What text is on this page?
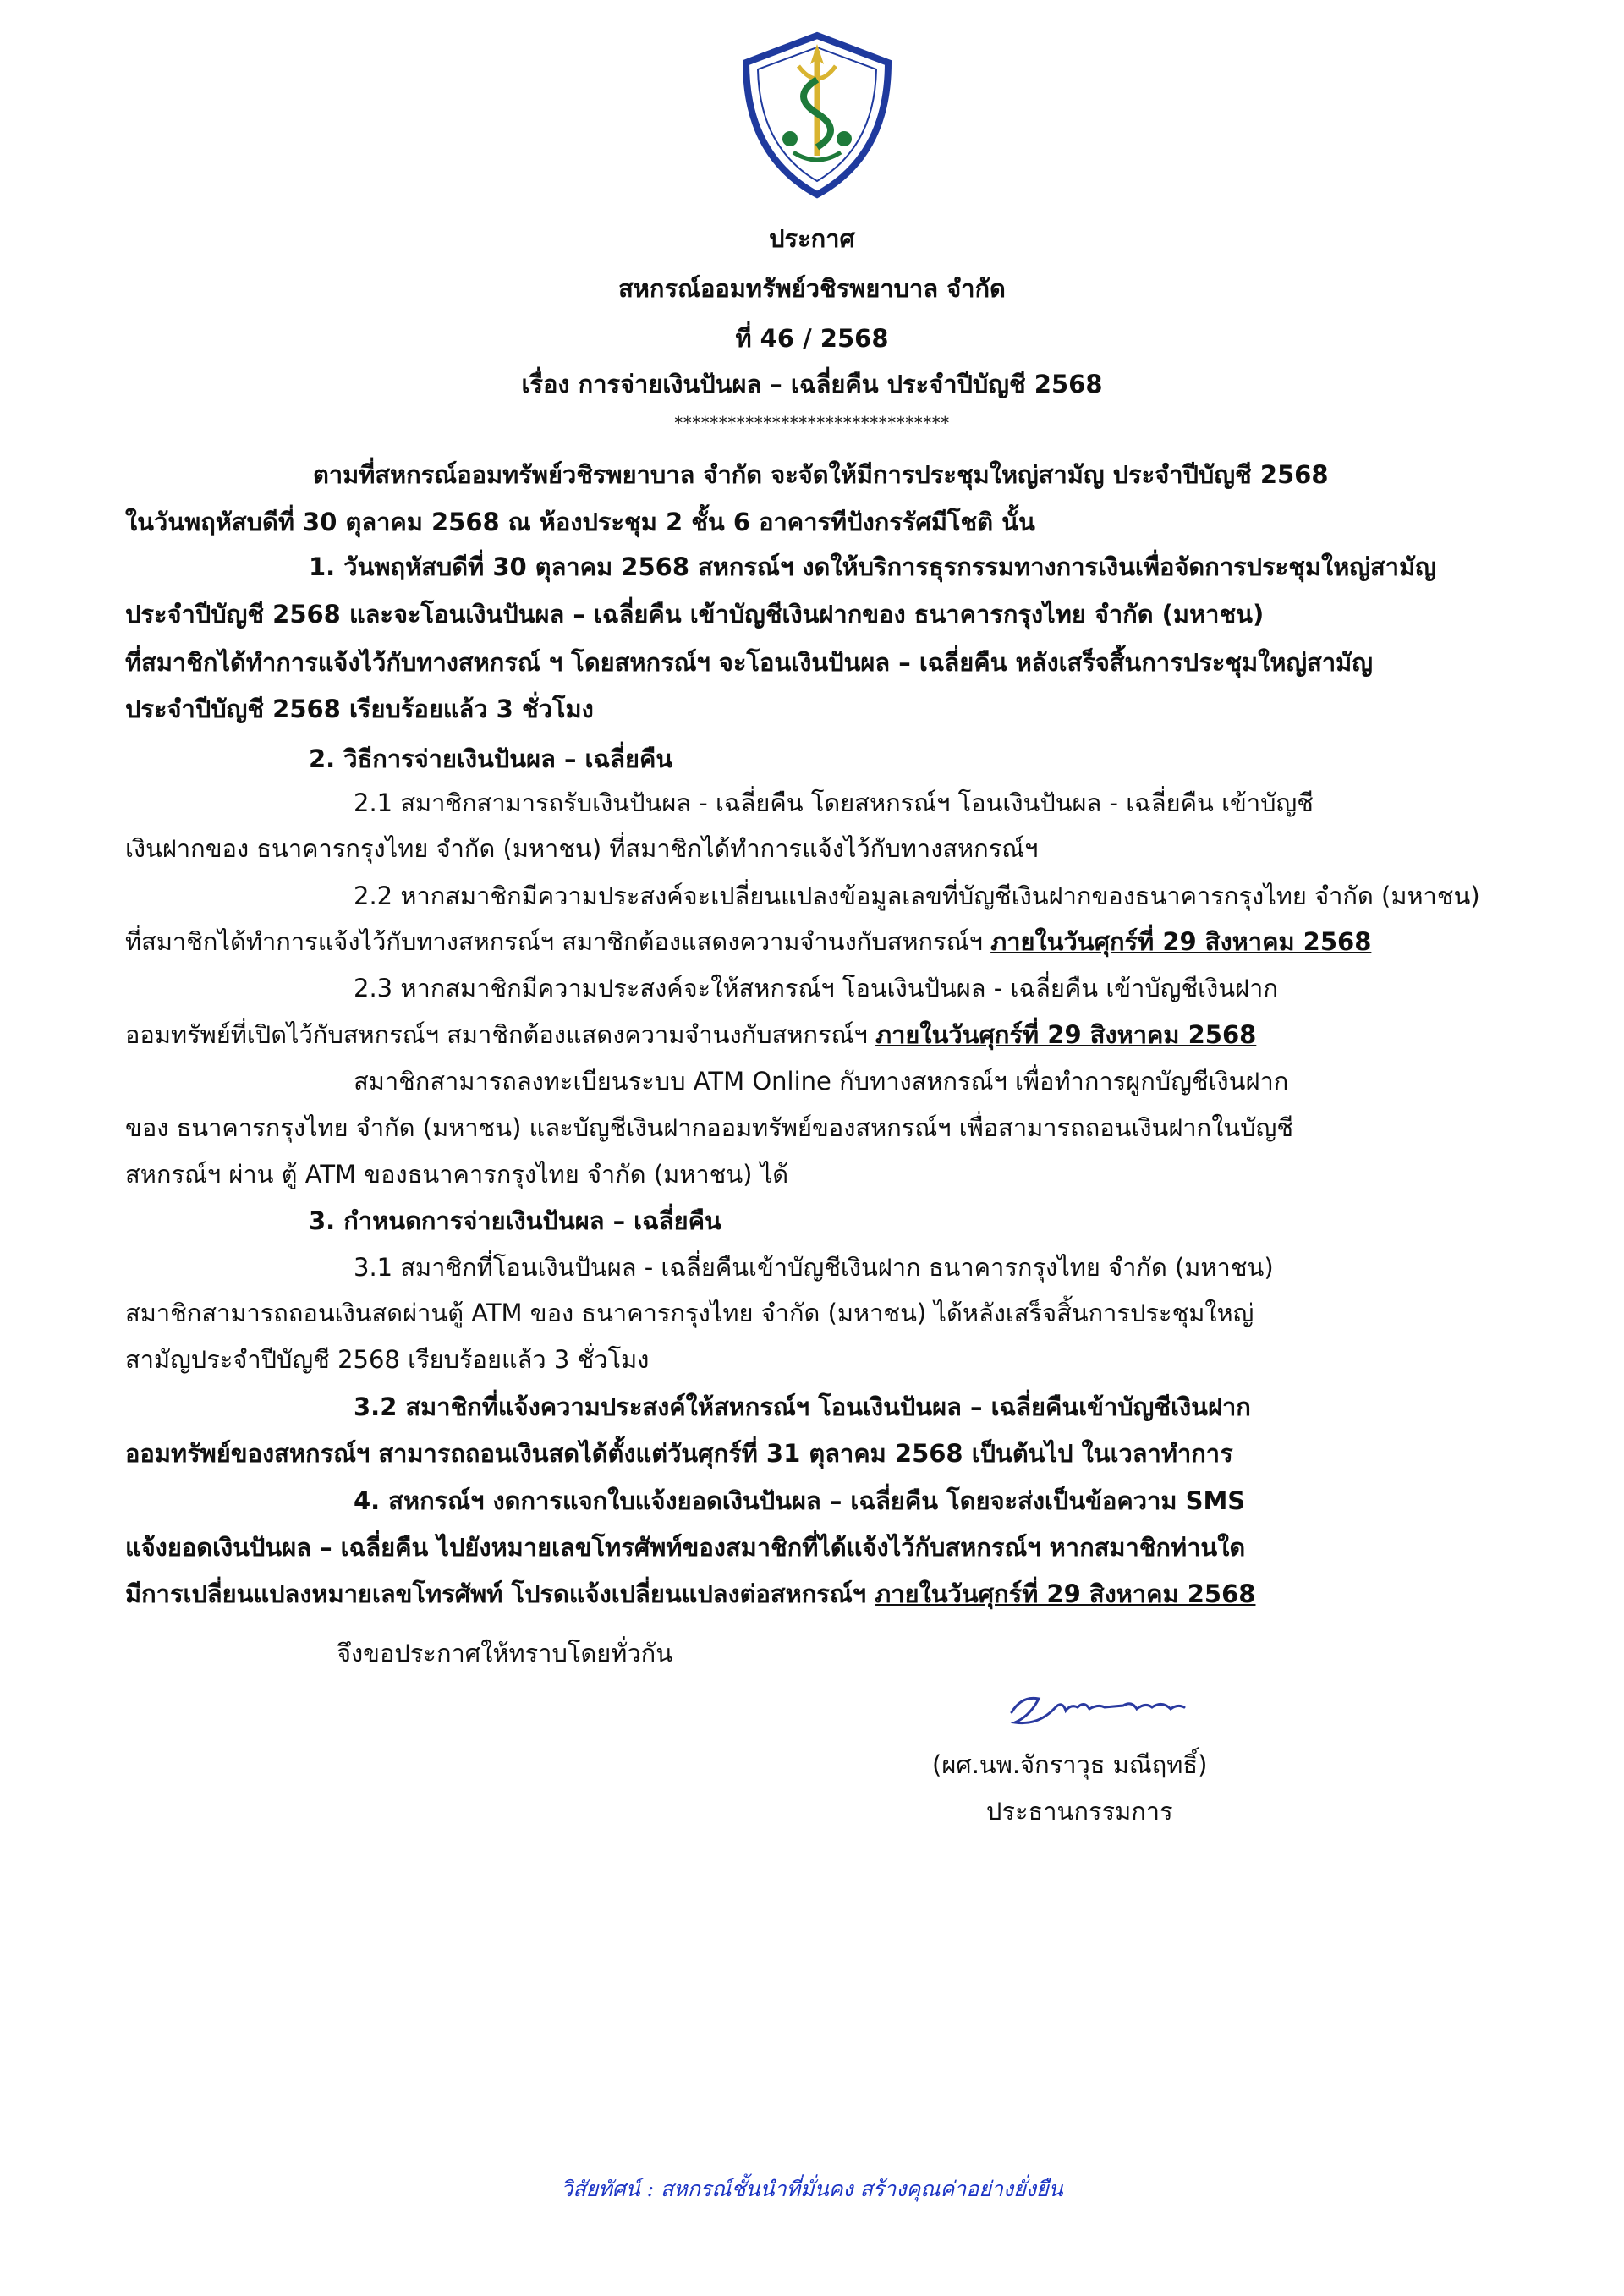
ประกาศ
สหกรณ์ออมทรัพย์วชิรพยาบาล จำกัด
ที่ 46 / 2568
เรื่อง การจ่ายเงินปันผล – เฉลี่ยคืน ประจำปีบัญชี 2568
*******************************
ตามที่สหกรณ์ออมทรัพย์วชิรพยาบาล จำกัด จะจัดให้มีการประชุมใหญ่สามัญ ประจำปีบัญชี 2568
ในวันพฤหัสบดีที่ 30 ตุลาคม 2568 ณ ห้องประชุม 2 ชั้น 6 อาคารทีปังกรรัศมีโชติ นั้น
1. วันพฤหัสบดีที่ 30 ตุลาคม 2568 สหกรณ์ฯ งดให้บริการธุรกรรมทางการเงินเพื่อจัดการประชุมใหญ่สามัญ
ประจำปีบัญชี 2568 และจะโอนเงินปันผล – เฉลี่ยคืน เข้าบัญชีเงินฝากของ ธนาคารกรุงไทย จำกัด (มหาชน)
ที่สมาชิกได้ทำการแจ้งไว้กับทางสหกรณ์ ฯ โดยสหกรณ์ฯ จะโอนเงินปันผล – เฉลี่ยคืน หลังเสร็จสิ้นการประชุมใหญ่สามัญ
ประจำปีบัญชี 2568 เรียบร้อยแล้ว 3 ชั่วโมง
2. วิธีการจ่ายเงินปันผล – เฉลี่ยคืน
2.1 สมาชิกสามารถรับเงินปันผล - เฉลี่ยคืน โดยสหกรณ์ฯ โอนเงินปันผล - เฉลี่ยคืน เข้าบัญชี
เงินฝากของ ธนาคารกรุงไทย จำกัด (มหาชน) ที่สมาชิกได้ทำการแจ้งไว้กับทางสหกรณ์ฯ
2.2 หากสมาชิกมีความประสงค์จะเปลี่ยนแปลงข้อมูลเลขที่บัญชีเงินฝากของธนาคารกรุงไทย จำกัด (มหาชน)
ที่สมาชิกได้ทำการแจ้งไว้กับทางสหกรณ์ฯ สมาชิกต้องแสดงความจำนงกับสหกรณ์ฯ ภายในวันศุกร์ที่ 29 สิงหาคม 2568
2.3 หากสมาชิกมีความประสงค์จะให้สหกรณ์ฯ โอนเงินปันผล - เฉลี่ยคืน เข้าบัญชีเงินฝาก
ออมทรัพย์ที่เปิดไว้กับสหกรณ์ฯ สมาชิกต้องแสดงความจำนงกับสหกรณ์ฯ ภายในวันศุกร์ที่ 29 สิงหาคม 2568
สมาชิกสามารถลงทะเบียนระบบ ATM Online กับทางสหกรณ์ฯ เพื่อทำการผูกบัญชีเงินฝาก
ของ ธนาคารกรุงไทย จำกัด (มหาชน) และบัญชีเงินฝากออมทรัพย์ของสหกรณ์ฯ เพื่อสามารถถอนเงินฝากในบัญชี
สหกรณ์ฯ ผ่าน ตู้ ATM ของธนาคารกรุงไทย จำกัด (มหาชน) ได้
3. กำหนดการจ่ายเงินปันผล – เฉลี่ยคืน
3.1 สมาชิกที่โอนเงินปันผล - เฉลี่ยคืนเข้าบัญชีเงินฝาก ธนาคารกรุงไทย จำกัด (มหาชน)
สมาชิกสามารถถอนเงินสดผ่านตู้ ATM ของ ธนาคารกรุงไทย จำกัด (มหาชน) ได้หลังเสร็จสิ้นการประชุมใหญ่
สามัญประจำปีบัญชี 2568 เรียบร้อยแล้ว 3 ชั่วโมง
3.2 สมาชิกที่แจ้งความประสงค์ให้สหกรณ์ฯ โอนเงินปันผล – เฉลี่ยคืนเข้าบัญชีเงินฝาก
ออมทรัพย์ของสหกรณ์ฯ สามารถถอนเงินสดได้ตั้งแต่วันศุกร์ที่ 31 ตุลาคม 2568 เป็นต้นไป ในเวลาทำการ
4. สหกรณ์ฯ งดการแจกใบแจ้งยอดเงินปันผล – เฉลี่ยคืน โดยจะส่งเป็นข้อความ SMS
แจ้งยอดเงินปันผล – เฉลี่ยคืน ไปยังหมายเลขโทรศัพท์ของสมาชิกที่ได้แจ้งไว้กับสหกรณ์ฯ หากสมาชิกท่านใด
มีการเปลี่ยนแปลงหมายเลขโทรศัพท์ โปรดแจ้งเปลี่ยนแปลงต่อสหกรณ์ฯ ภายในวันศุกร์ที่ 29 สิงหาคม 2568
จึงขอประกาศให้ทราบโดยทั่วกัน
(ผศ.นพ.จักราวุธ มณีฤทธิ์)
ประธานกรรมการ
วิสัยทัศน์ : สหกรณ์ชั้นนำที่มั่นคง สร้างคุณค่าอย่างยั่งยืน
